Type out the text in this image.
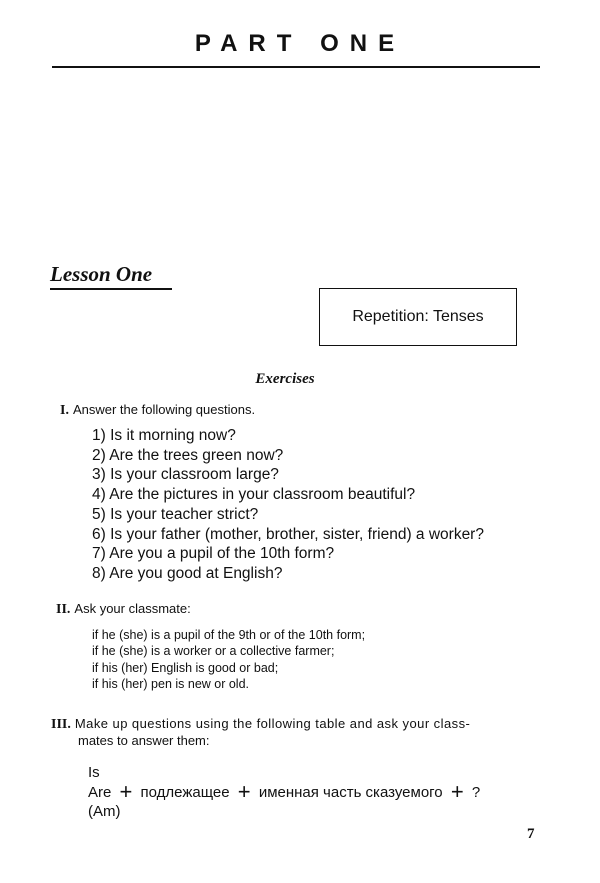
PART ONE
Lesson One
Repetition: Tenses
Exercises
I. Answer the following questions.
1) Is it morning now?
2) Are the trees green now?
3) Is your classroom large?
4) Are the pictures in your classroom beautiful?
5) Is your teacher strict?
6) Is your father (mother, brother, sister, friend) a worker?
7) Are you a pupil of the 10th form?
8) Are you good at English?
II. Ask your classmate:
if he (she) is a pupil of the 9th or of the 10th form;
if he (she) is a worker or a collective farmer;
if his (her) English is good or bad;
if his (her) pen is new or old.
III. Make up questions using the following table and ask your class-
mates to answer them:
Is
Are + подлежащее + именная часть сказуемого + ?
(Am)
7
